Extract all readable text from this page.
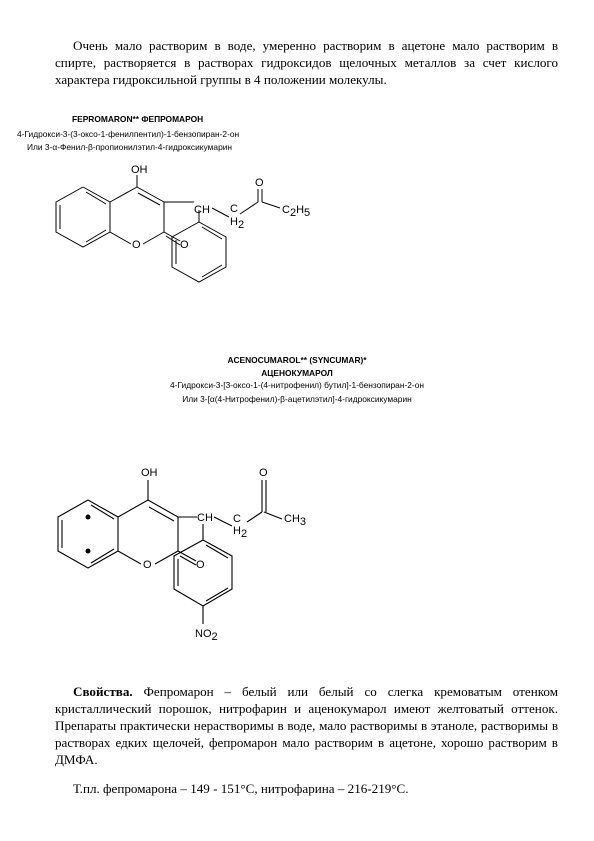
Очень мало растворим в воде, умеренно растворим в ацетоне мало растворим в спирте, растворяется в растворах гидроксидов щелочных металлов за счет кислого характера гидроксильной группы в 4 положении молекулы.
FEPROMARON** ФЕПРОМАРОН
4-Гидрокси-3-(3-оксо-1-фенилпентил)-1-бензопиран-2-он
Или 3-α-Фенил-β-пропионилэтил-4-гидроксикумарин
OH
O	O
CH C
H2
O
C2H5
ACENOCUMAROL** (SYNCUMAR)*
АЦЕНОКУМАРОЛ
4-Гидрокси-3-[3-оксо-1-(4-нитрофенил) бутил]-1-бензопиран-2-он
Или 3-[α(4-Нитрофенил)-β-ацетилэтил]-4-гидроксикумарин
OH
O	O
CH C
H2
O
CH3
NO2
Свойства. Фепромарон – белый или белый со слегка кремоватым отенком кристаллический порошок, нитрофарин и аценокумарол имеют желтоватый оттенок. Препараты практически нерастворимы в воде, мало растворимы в этаноле, растворимы в растворах едких щелочей, фепромарон мало растворим в ацетоне, хорошо растворим в ДМФА.
Т.пл. фепромарона – 149 - 151°С, нитрофарина – 216-219°С.
